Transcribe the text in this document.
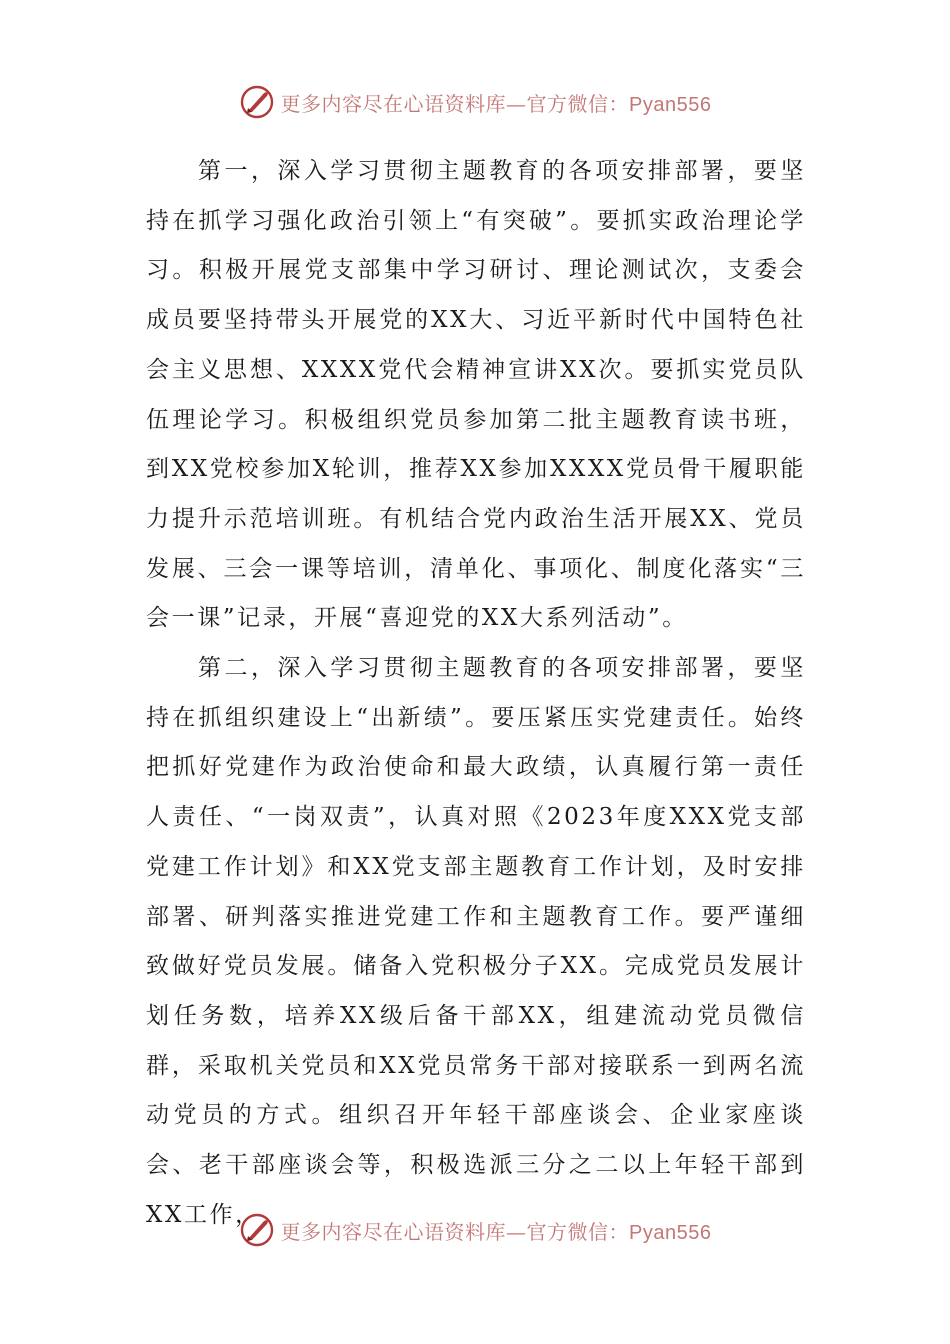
更多内容尽在心语资料库—官方微信：Pyan556

第一，深入学习贯彻主题教育的各项安排部署，要坚持在抓学习强化政治引领上“有突破”。要抓实政治理论学习。积极开展党支部集中学习研讨、理论测试次，支委会成员要坚持带头开展党的XX大、习近平新时代中国特色社会主义思想、XXXX党代会精神宣讲XX次。要抓实党员队伍理论学习。积极组织党员参加第二批主题教育读书班，到XX党校参加X轮训，推荐XX参加XXXX党员骨干履职能力提升示范培训班。有机结合党内政治生活开展XX、党员发展、三会一课等培训，清单化、事项化、制度化落实“三会一课”记录，开展“喜迎党的XX大系列活动”。

第二，深入学习贯彻主题教育的各项安排部署，要坚持在抓组织建设上“出新绩”。要压紧压实党建责任。始终把抓好党建作为政治使命和最大政绩，认真履行第一责任人责任、“一岗双责”，认真对照《2023年度XXX党支部党建工作计划》和XX党支部主题教育工作计划，及时安排部署、研判落实推进党建工作和主题教育工作。要严谨细致做好党员发展。储备入党积极分子XX。完成党员发展计划任务数，培养XX级后备干部XX，组建流动党员微信群，采取机关党员和XX党员常务干部对接联系一到两名流动党员的方式。组织召开年轻干部座谈会、企业家座谈会、老干部座谈会等，积极选派三分之二以上年轻干部到XX工作，

更多内容尽在心语资料库—官方微信：Pyan556
